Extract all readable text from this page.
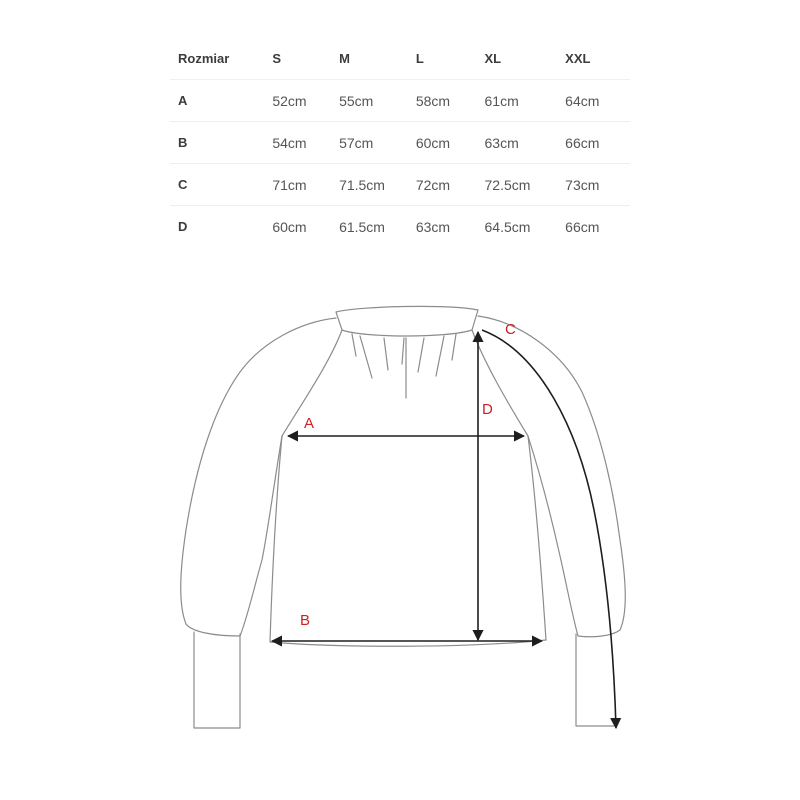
Rozmiar	S	M	L	XL	XXL
A	52cm	55cm	58cm	61cm	64cm
B	54cm	57cm	60cm	63cm	66cm
C	71cm	71.5cm	72cm	72.5cm	73cm
D	60cm	61.5cm	63cm	64.5cm	66cm
A
B
C
D
